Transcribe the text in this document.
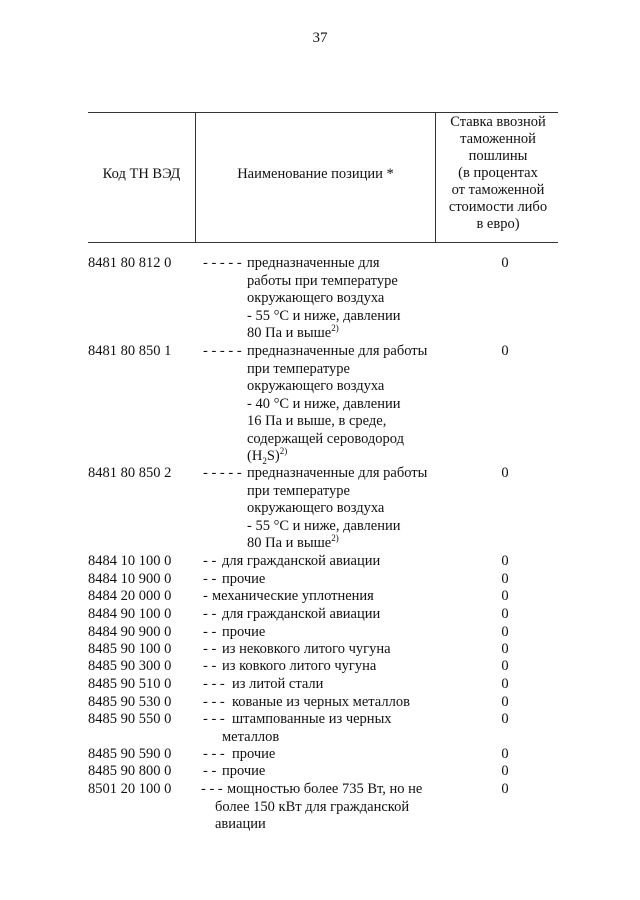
37
Код ТН ВЭД	Наименование позиции *
Ставка ввозной
таможенной
пошлины
(в процентах
от таможенной
стоимости либо
в евро)
8481 80 812 0 - - - - - предназначенные для
работы при температуре
окружающего воздуха
- 55 °С и ниже, давлении
80 Па и выше$^{2)}$
0
8481 80 850 1 - - - - - предназначенные для работы
при температуре
окружающего воздуха
- 40 °С и ниже, давлении
16 Па и выше, в среде,
содержащей сероводород
$(H_2S)^{2)}$
0
8481 80 850 2 - - - - - предназначенные для работы
при температуре
окружающего воздуха
- 55 °С и ниже, давлении
80 Па и выше$^{2)}$
0
8484 10 100 0 - - для гражданской авиации	0
8484 10 900 0 - - прочие	0
8484 20 000 0 - механические уплотнения	0
8484 90 100 0 - - для гражданской авиации	0
8484 90 900 0 - - прочие	0
8485 90 100 0 - - из нековкого литого чугуна	0
8485 90 300 0 - - из ковкого литого чугуна	0
8485 90 510 0 - - - из литой стали	0
8485 90 530 0 - - - кованые из черных металлов	0
8485 90 550 0 - - - штампованные из черных
металлов
0
8485 90 590 0 - - - прочие	0
8485 90 800 0 - - прочие	0
8501 20 100 0 - - - мощностью более 735 Вт, но не
более 150 кВт для гражданской
авиации
0
